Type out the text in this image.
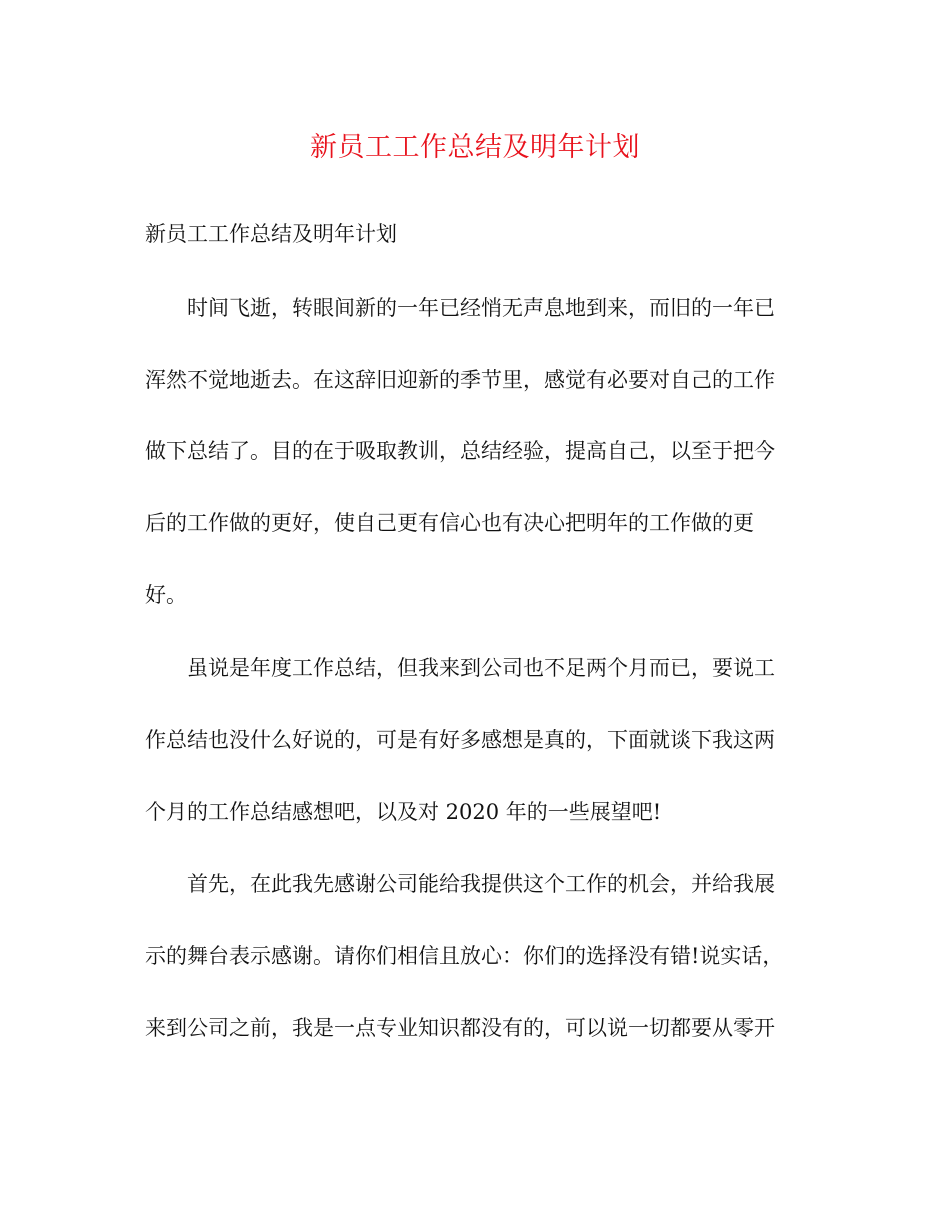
新员工工作总结及明年计划
新员工工作总结及明年计划
时间飞逝，转眼间新的一年已经悄无声息地到来，而旧的一年已
浑然不觉地逝去。在这辞旧迎新的季节里，感觉有必要对自己的工作
做下总结了。目的在于吸取教训，总结经验，提高自己，以至于把今
后的工作做的更好，使自己更有信心也有决心把明年的工作做的更
好。
虽说是年度工作总结，但我来到公司也不足两个月而已，要说工
作总结也没什么好说的，可是有好多感想是真的，下面就谈下我这两
个月的工作总结感想吧，以及对 2020 年的一些展望吧!
首先，在此我先感谢公司能给我提供这个工作的机会，并给我展
示的舞台表示感谢。请你们相信且放心：你们的选择没有错!说实话，
来到公司之前，我是一点专业知识都没有的，可以说一切都要从零开
